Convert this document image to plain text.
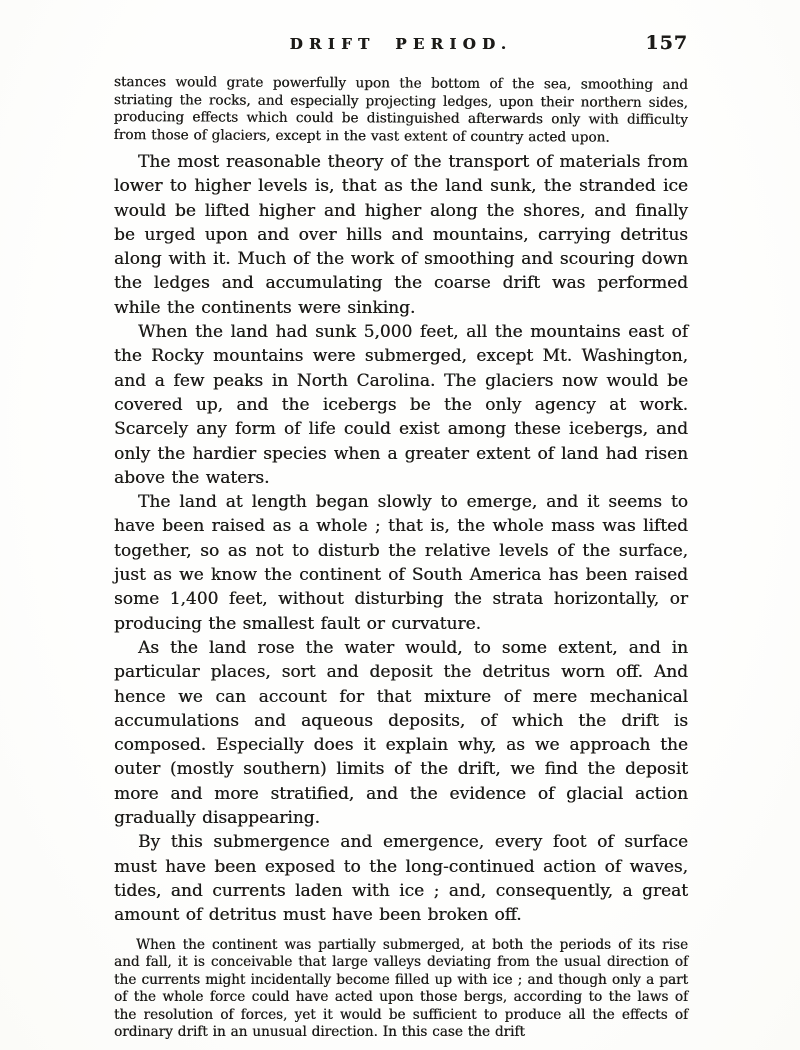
DRIFT PERIOD.	157

stances would grate powerfully upon the bottom of the sea, smoothing and striating the rocks, and especially projecting ledges, upon their northern sides, producing effects which could be distinguished afterwards only with difficulty from those of glaciers, except in the vast extent of country acted upon.

The most reasonable theory of the transport of materials from lower to higher levels is, that as the land sunk, the stranded ice would be lifted higher and higher along the shores, and finally be urged upon and over hills and mountains, carrying detritus along with it. Much of the work of smoothing and scouring down the ledges and accumulating the coarse drift was performed while the continents were sinking.

When the land had sunk 5,000 feet, all the mountains east of the Rocky mountains were submerged, except Mt. Washington, and a few peaks in North Carolina. The glaciers now would be covered up, and the icebergs be the only agency at work. Scarcely any form of life could exist among these icebergs, and only the hardier species when a greater extent of land had risen above the waters.

The land at length began slowly to emerge, and it seems to have been raised as a whole ; that is, the whole mass was lifted together, so as not to disturb the relative levels of the surface, just as we know the continent of South America has been raised some 1,400 feet, without disturbing the strata horizontally, or producing the smallest fault or curvature.

As the land rose the water would, to some extent, and in particular places, sort and deposit the detritus worn off. And hence we can account for that mixture of mere mechanical accumulations and aqueous deposits, of which the drift is composed. Especially does it explain why, as we approach the outer (mostly southern) limits of the drift, we find the deposit more and more stratified, and the evidence of glacial action gradually disappearing.

By this submergence and emergence, every foot of surface must have been exposed to the long-continued action of waves, tides, and currents laden with ice ; and, consequently, a great amount of detritus must have been broken off.

When the continent was partially submerged, at both the periods of its rise and fall, it is conceivable that large valleys deviating from the usual direction of the currents might incidentally become filled up with ice ; and though only a part of the whole force could have acted upon those bergs, according to the laws of the resolution of forces, yet it would be sufficient to produce all the effects of ordinary drift in an unusual direction. In this case the drift
